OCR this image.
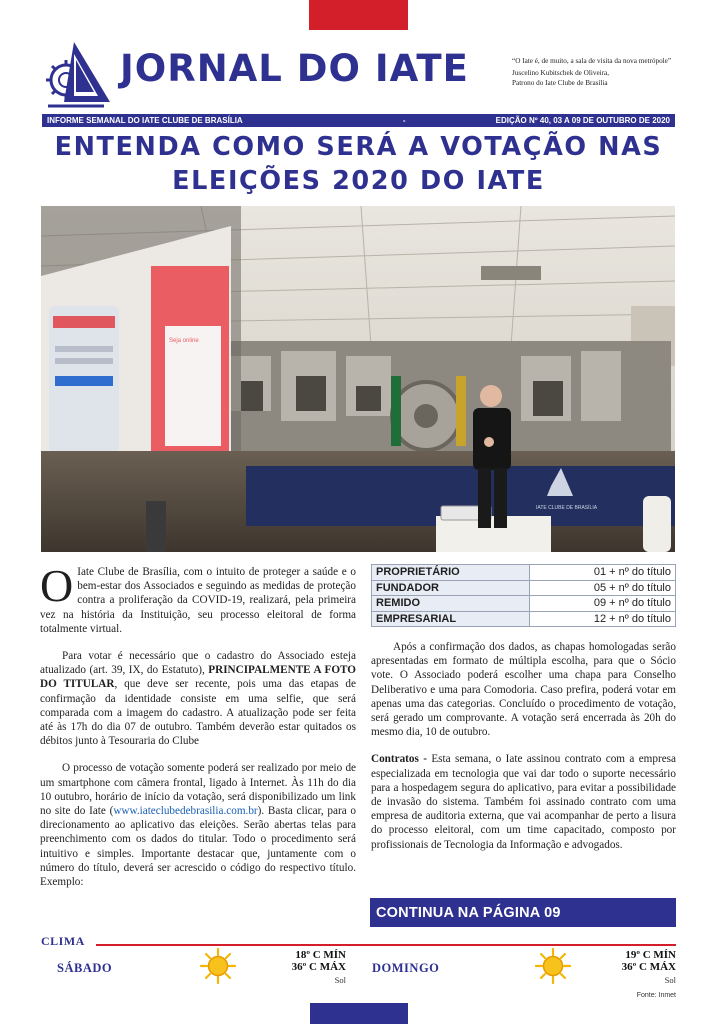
JORNAL DO IATE	“O Iate é, de muito, a sala de visita da nova metrópole”
Juscelino Kubitschek de Oliveira,
Patrono do Iate Clube de Brasília
INFORME SEMANAL DO IATE CLUBE DE BRASÍLIA	-	EDIÇÃO Nº 40, 03 A 09 DE OUTUBRO DE 2020
ENTENDA COMO SERÁ A VOTAÇÃO NAS
ELEIÇÕES 2020 DO IATE
Seja online
IATE CLUBE DE BRASÍLIA

O Iate Clube de Brasília, com o intuito de proteger a saúde e o bem-estar dos Associados e seguindo as medidas de proteção contra a proliferação da COVID-19, realizará, pela primeira vez na história da Instituição, seu processo eleitoral de forma totalmente virtual.

Para votar é necessário que o cadastro do Associado esteja atualizado (art. 39, IX, do Estatuto), PRINCIPALMENTE A FOTO DO TITULAR, que deve ser recente, pois uma das etapas de confirmação da identidade consiste em uma selfie, que será comparada com a imagem do cadastro. A atualização pode ser feita até às 17h do dia 07 de outubro. Também deverão estar quitados os débitos junto à Tesouraria do Clube

O processo de votação somente poderá ser realizado por meio de um smartphone com câmera frontal, ligado à Internet. Às 11h do dia 10 outubro, horário de início da votação, será disponibilizado um link no site do Iate (www.iateclubedebrasilia.com.br). Basta clicar, para o direcionamento ao aplicativo das eleições. Serão abertas telas para preenchimento com os dados do titular. Todo o procedimento será intuitivo e simples. Importante destacar que, juntamente com o número do título, deverá ser acrescido o código do respectivo título. Exemplo:

PROPRIETÁRIO	01 + nº do título
FUNDADOR	05 + nº do título
REMIDO	09 + nº do título
EMPRESARIAL	12 + nº do título

Após a confirmação dos dados, as chapas homologadas serão apresentadas em formato de múltipla escolha, para que o Sócio vote. O Associado poderá escolher uma chapa para Conselho Deliberativo e uma para Comodoria. Caso prefira, poderá votar em apenas uma das categorias. Concluído o procedimento de votação, será gerado um comprovante. A votação será encerrada às 20h do mesmo dia, 10 de outubro.

Contratos - Esta semana, o Iate assinou contrato com a empresa especializada em tecnologia que vai dar todo o suporte necessário para a hospedagem segura do aplicativo, para evitar a possibilidade de invasão do sistema. Também foi assinado contrato com uma empresa de auditoria externa, que vai acompanhar de perto a lisura do processo eleitoral, com um time capacitado, composto por profissionais de Tecnologia da Informação e advogados.

CONTINUA NA PÁGINA 09
CLIMA
SÁBADO
18º C MÍN
36º C MÁX
Sol
DOMINGO
19º C MÍN
36º C MÁX
Sol
Fonte: Inmet
